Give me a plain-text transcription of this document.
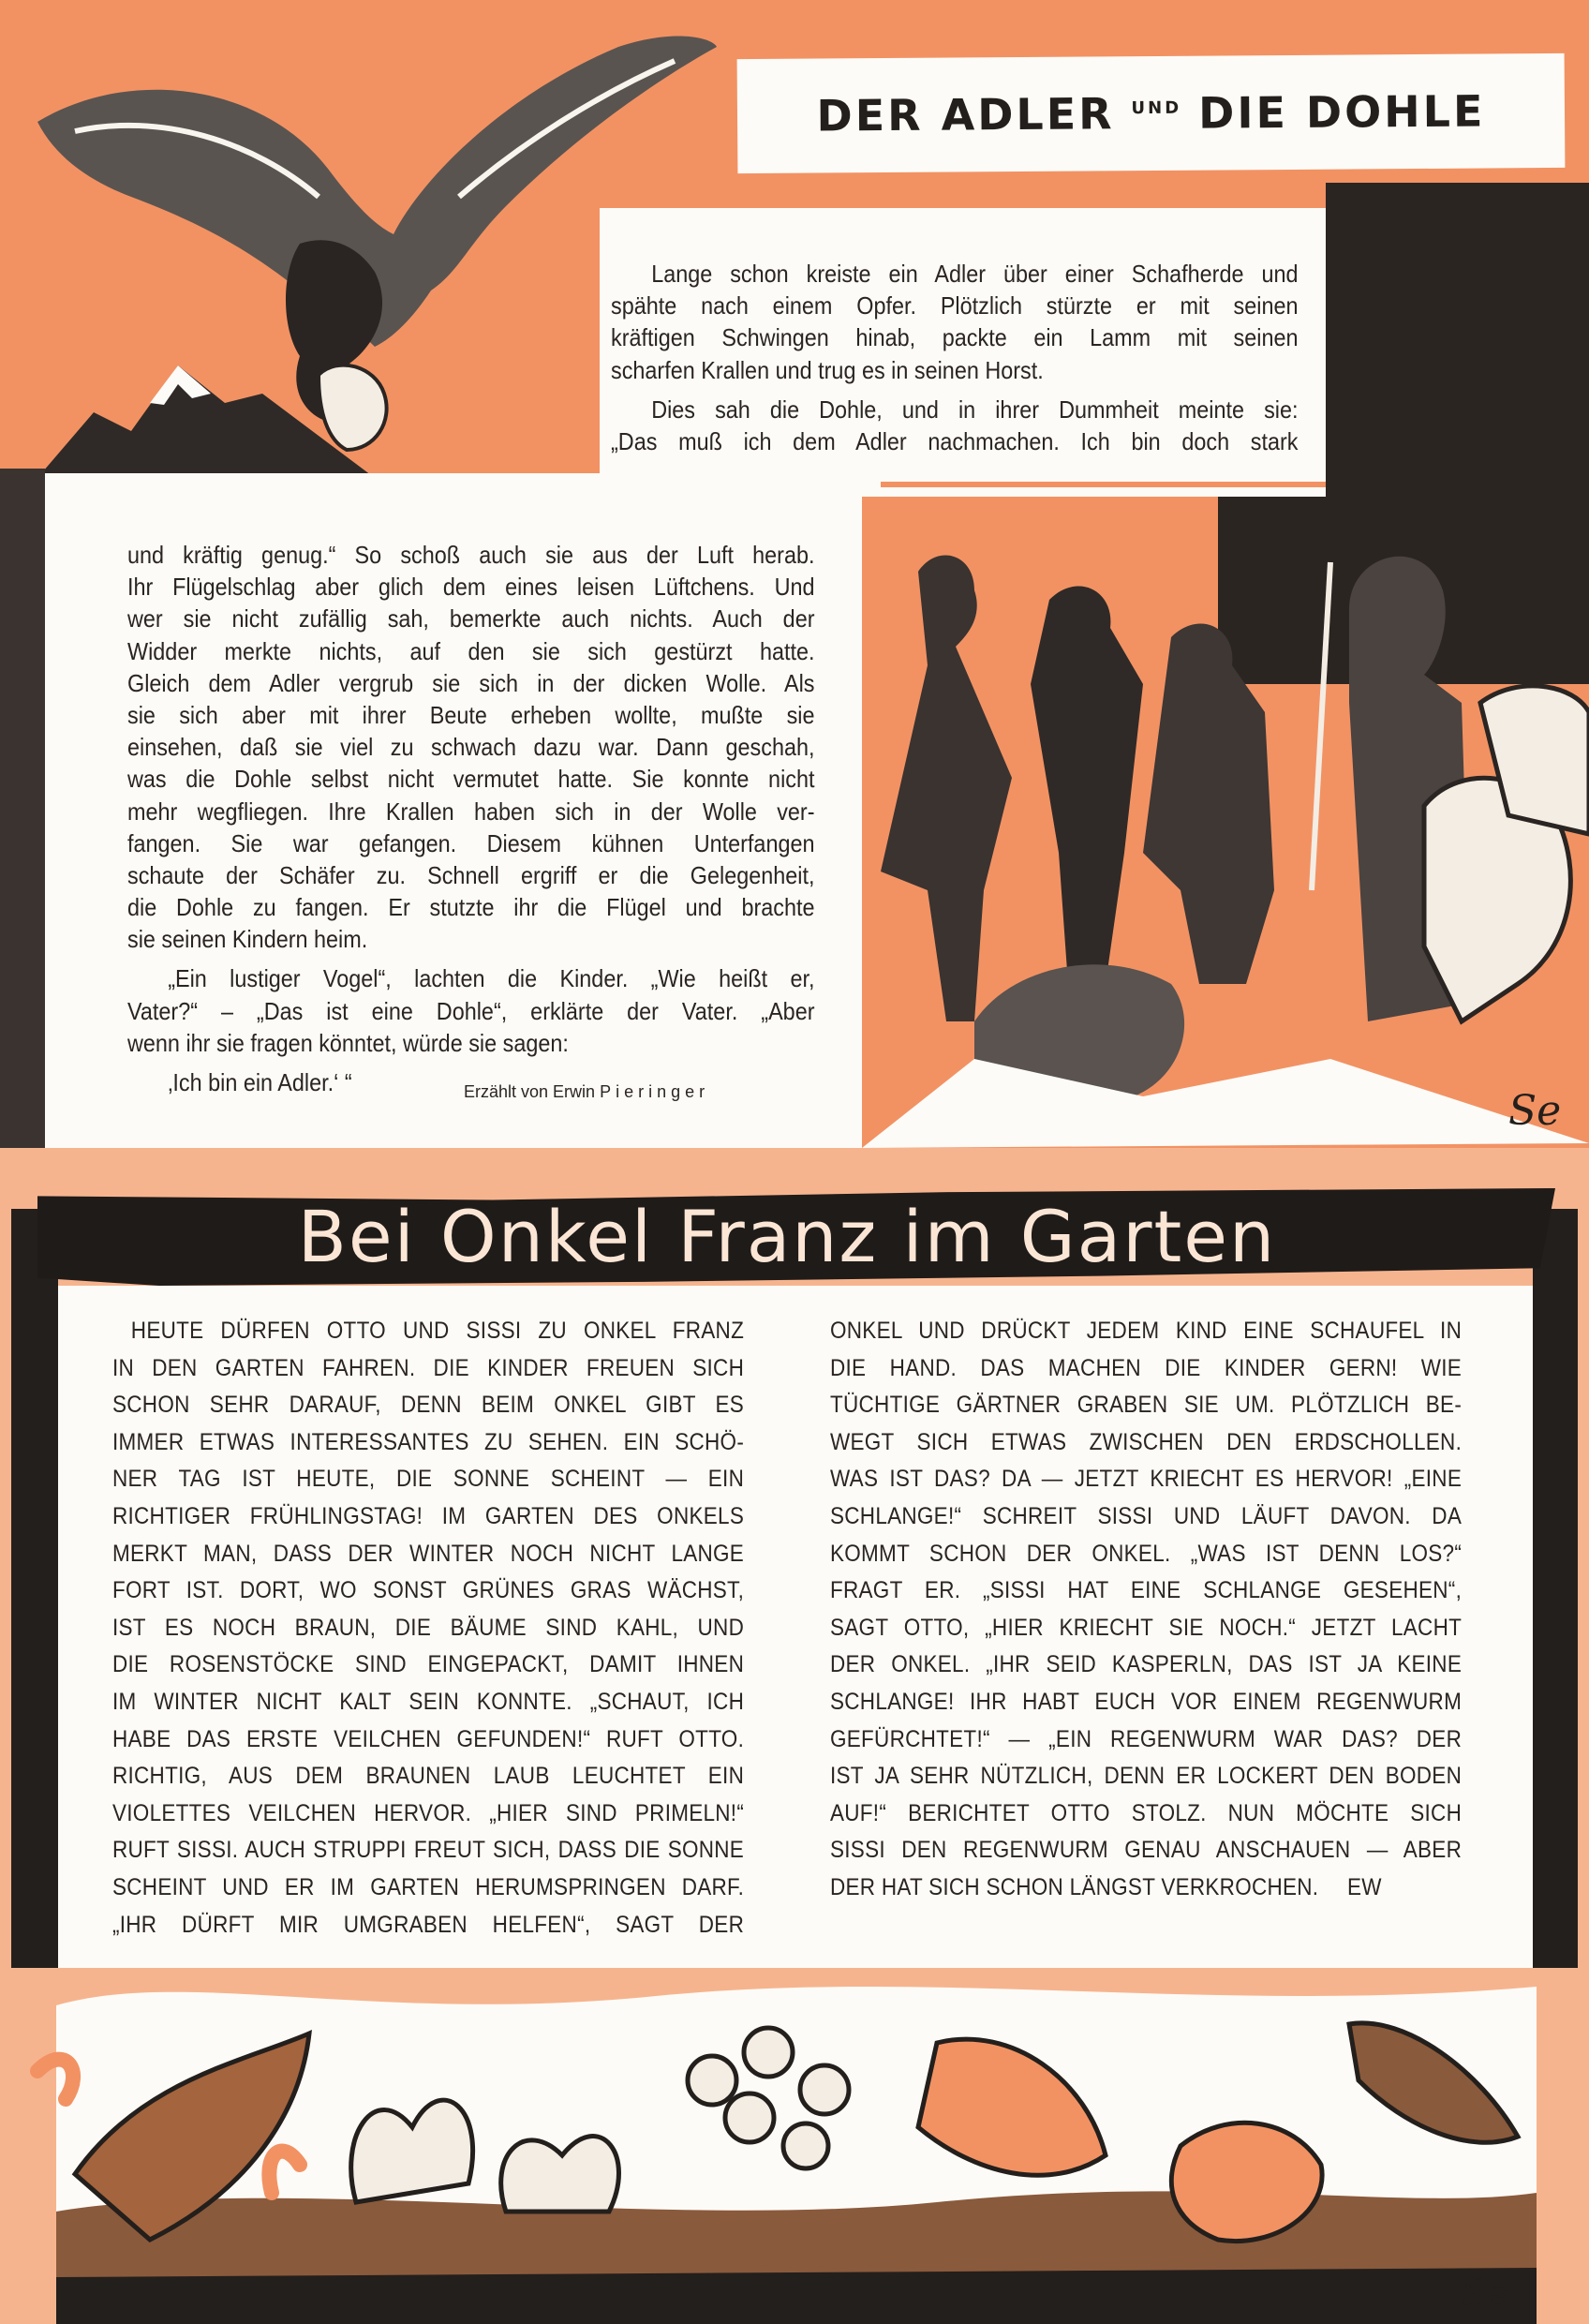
DER ADLER UND DIE DOHLE
Lange schon kreiste ein Adler über einer Schafherde und
spähte nach einem Opfer. Plötzlich stürzte er mit seinen
kräftigen Schwingen hinab, packte ein Lamm mit seinen
scharfen Krallen und trug es in seinen Horst.
Dies sah die Dohle, und in ihrer Dummheit meinte sie:
„Das muß ich dem Adler nachmachen. Ich bin doch stark
und kräftig genug.“ So schoß auch sie aus der Luft herab.
Ihr Flügelschlag aber glich dem eines leisen Lüftchens. Und
wer sie nicht zufällig sah, bemerkte auch nichts. Auch der
Widder merkte nichts, auf den sie sich gestürzt hatte.
Gleich dem Adler vergrub sie sich in der dicken Wolle. Als
sie sich aber mit ihrer Beute erheben wollte, mußte sie
einsehen, daß sie viel zu schwach dazu war. Dann geschah,
was die Dohle selbst nicht vermutet hatte. Sie konnte nicht
mehr wegfliegen. Ihre Krallen haben sich in der Wolle ver-
fangen. Sie war gefangen. Diesem kühnen Unterfangen
schaute der Schäfer zu. Schnell ergriff er die Gelegenheit,
die Dohle zu fangen. Er stutzte ihr die Flügel und brachte
sie seinen Kindern heim.
„Ein lustiger Vogel“, lachten die Kinder. „Wie heißt er,
Vater?“ – „Das ist eine Dohle“, erklärte der Vater. „Aber
wenn ihr sie fragen könntet, würde sie sagen:
‚Ich bin ein Adler.‘ “	Erzählt von Erwin Pieringer	Se
Bei Onkel Franz im Garten
HEUTE DÜRFEN OTTO UND SISSI ZU ONKEL FRANZ
IN DEN GARTEN FAHREN. DIE KINDER FREUEN SICH
SCHON SEHR DARAUF, DENN BEIM ONKEL GIBT ES
IMMER ETWAS INTERESSANTES ZU SEHEN. EIN SCHÖ-
NER TAG IST HEUTE, DIE SONNE SCHEINT — EIN
RICHTIGER FRÜHLINGSTAG! IM GARTEN DES ONKELS
MERKT MAN, DASS DER WINTER NOCH NICHT LANGE
FORT IST. DORT, WO SONST GRÜNES GRAS WÄCHST,
IST ES NOCH BRAUN, DIE BÄUME SIND KAHL, UND
DIE ROSENSTÖCKE SIND EINGEPACKT, DAMIT IHNEN
IM WINTER NICHT KALT SEIN KONNTE. „SCHAUT, ICH
HABE DAS ERSTE VEILCHEN GEFUNDEN!“ RUFT OTTO.
RICHTIG, AUS DEM BRAUNEN LAUB LEUCHTET EIN
VIOLETTES VEILCHEN HERVOR. „HIER SIND PRIMELN!“
RUFT SISSI. AUCH STRUPPI FREUT SICH, DASS DIE SONNE
SCHEINT UND ER IM GARTEN HERUMSPRINGEN DARF.
„IHR DÜRFT MIR UMGRABEN HELFEN“, SAGT DER
ONKEL UND DRÜCKT JEDEM KIND EINE SCHAUFEL IN
DIE HAND. DAS MACHEN DIE KINDER GERN! WIE
TÜCHTIGE GÄRTNER GRABEN SIE UM. PLÖTZLICH BE-
WEGT SICH ETWAS ZWISCHEN DEN ERDSCHOLLEN.
WAS IST DAS? DA — JETZT KRIECHT ES HERVOR! „EINE
SCHLANGE!“ SCHREIT SISSI UND LÄUFT DAVON. DA
KOMMT SCHON DER ONKEL. „WAS IST DENN LOS?“
FRAGT ER. „SISSI HAT EINE SCHLANGE GESEHEN“,
SAGT OTTO, „HIER KRIECHT SIE NOCH.“ JETZT LACHT
DER ONKEL. „IHR SEID KASPERLN, DAS IST JA KEINE
SCHLANGE! IHR HABT EUCH VOR EINEM REGENWURM
GEFÜRCHTET!“ — „EIN REGENWURM WAR DAS? DER
IST JA SEHR NÜTZLICH, DENN ER LOCKERT DEN BODEN
AUF!“ BERICHTET OTTO STOLZ. NUN MÖCHTE SICH
SISSI DEN REGENWURM GENAU ANSCHAUEN — ABER
DER HAT SICH SCHON LÄNGST VERKROCHEN. EW
Se
